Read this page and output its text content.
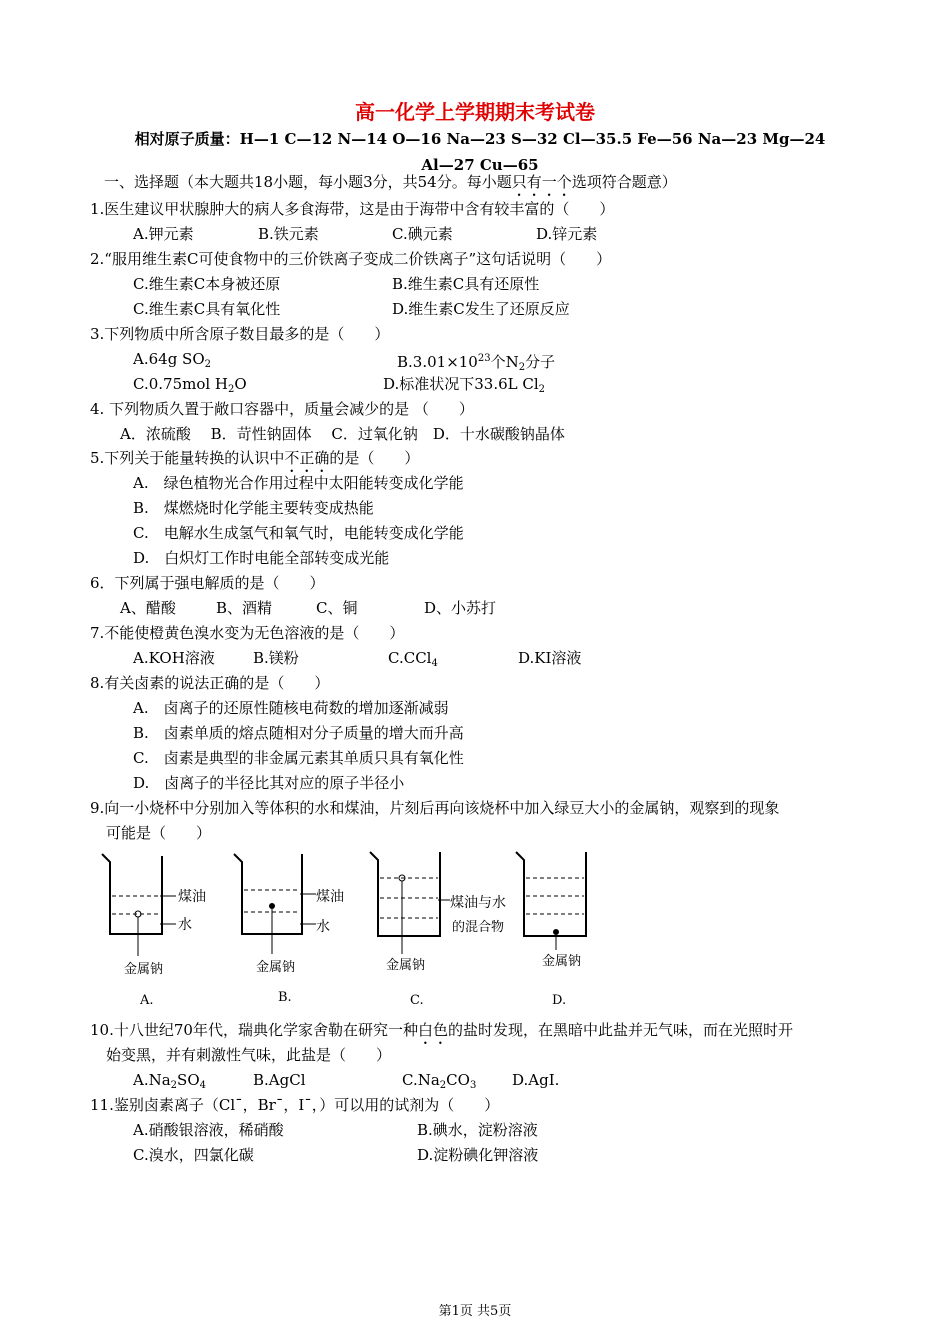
高一化学上学期期末考试卷
相对原子质量：H—1 C—12 N—14 O—16 Na—23 S—32 Cl—35.5 Fe—56 Na—23 Mg—24
Al—27 Cu—65
一、选择题（本大题共18小题，每小题3分，共54分。每小题只有一个选项符合题意）
1.医生建议甲状腺肿大的病人多食海带，这是由于海带中含有较丰富的（　　）
A.钾元素	B.铁元素	C.碘元素	D.锌元素
2.“服用维生素C可使食物中的三价铁离子变成二价铁离子”这句话说明（　　）
C.维生素C本身被还原	B.维生素C具有还原性
C.维生素C具有氧化性	D.维生素C发生了还原反应
3.下列物质中所含原子数目最多的是（　　）
A.64g $SO_2$	$B.3.01\times 10^{23}$个$N_2$分子
C.0.75mol $H_2O$	D.标准状况下33.6L $Cl_2$
4. 下列物质久置于敞口容器中，质量会减少的是 （　　）
A．浓硫酸　 B．苛性钠固体　 C．过氧化钠　D．十水碳酸钠晶体
5.下列关于能量转换的认识中不正确的是（　　）
A.　绿色植物光合作用过程中太阳能转变成化学能
B.　煤燃烧时化学能主要转变成热能
C.　电解水生成氢气和氧气时，电能转变成化学能
D.　白炽灯工作时电能全部转变成光能
6．下列属于强电解质的是（　　）
A、醋酸	B、酒精	C、铜	D、小苏打
7.不能使橙黄色溴水变为无色溶液的是（　　）
A.KOH溶液	B.镁粉	C.CCl$_4$	D.KI溶液
8.有关卤素的说法正确的是（　　）
A.　卤离子的还原性随核电荷数的增加逐渐减弱
B.　卤素单质的熔点随相对分子质量的增大而升高
C.　卤素是典型的非金属元素其单质只具有氧化性
D.　卤离子的半径比其对应的原子半径小
9.向一小烧杯中分别加入等体积的水和煤油，片刻后再向该烧杯中加入绿豆大小的金属钠，观察到的现象
可能是（　　）
煤油
水
金属钠
A.
煤油
水
金属钠
B.
煤油与水
的混合物
金属钠
C.
金属钠
D.
10.十八世纪70年代，瑞典化学家舍勒在研究一种白色的盐时发现，在黑暗中此盐并无气味，而在光照时开
始变黑，并有刺激性气味，此盐是（　　）
$A.Na_2SO_4$	B.AgCl	$C.Na_2CO_3$ D.AgI.
11.鉴别卤素离子（Cl¯，Br¯，I¯，）可以用的试剂为（　　）
A.硝酸银溶液，稀硝酸	B.碘水，淀粉溶液
C.溴水，四氯化碳	D.淀粉碘化钾溶液
第1页 共5页
